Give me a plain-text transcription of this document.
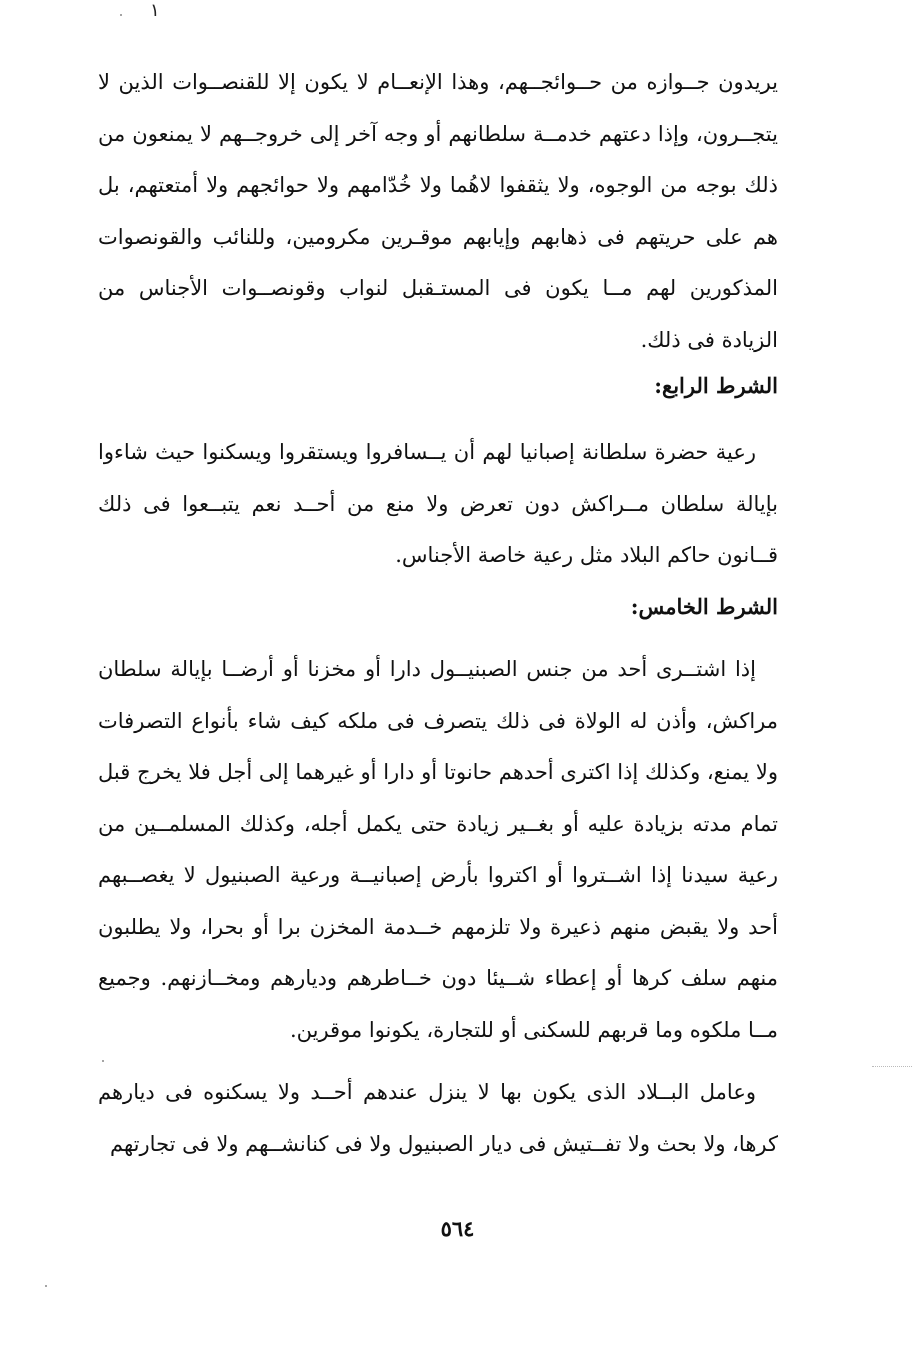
١
يريدون جــوازه من حــوائجــهم، وهذا الإنعــام لا يكون إلا للقنصــوات الذين لا يتجــرون، وإذا دعتهم خدمــة سلطانهم أو وجه آخر إلى خروجــهم لا يمنعون من ذلك بوجه من الوجوه، ولا يثقفوا لاهُما ولا خُدّامهم ولا حوائجهم ولا أمتعتهم، بل هم على حريتهم فى ذهابهم وإيابهم موقـرين مكرومين، وللنائب والقونصوات المذكورين لهم مــا يكون فى المستـقبل لنواب وقونصــوات الأجناس من الزيادة فى ذلك.
الشرط الرابع:
رعية حضرة سلطانة إصبانيا لهم أن يــسافروا ويستقروا ويسكنوا حيث شاءوا بإيالة سلطان مــراكش دون تعرض ولا منع من أحــد نعم يتبــعوا فى ذلك قــانون حاكم البلاد مثل رعية خاصة الأجناس.
الشرط الخامس:
إذا اشتــرى أحد من جنس الصبنيــول دارا أو مخزنا أو أرضــا بإيالة سلطان مراكش، وأذن له الولاة فى ذلك يتصرف فى ملكه كيف شاء بأنواع التصرفات ولا يمنع، وكذلك إذا اكترى أحدهم حانوتا أو دارا أو غيرهما إلى أجل فلا يخرج قبل تمام مدته بزيادة عليه أو بغــير زيادة حتى يكمل أجله، وكذلك المسلمــين من رعية سيدنا إذا اشــتروا أو اكتروا بأرض إصبانيــة ورعية الصبنيول لا يغصــبهم أحد ولا يقبض منهم ذعيرة ولا تلزمهم خــدمة المخزن برا أو بحرا، ولا يطلبون منهم سلف كرها أو إعطاء شــيئا دون خــاطرهم وديارهم ومخــازنهم. وجميع مــا ملكوه وما قربهم للسكنى أو للتجارة، يكونوا موقرين.
وعامل البــلاد الذى يكون بها لا ينزل عندهم أحــد ولا يسكنوه فى ديارهم كرها، ولا بحث ولا تفــتيش فى ديار الصبنيول ولا فى كنانشــهم ولا فى تجارتهم
٥٦٤
